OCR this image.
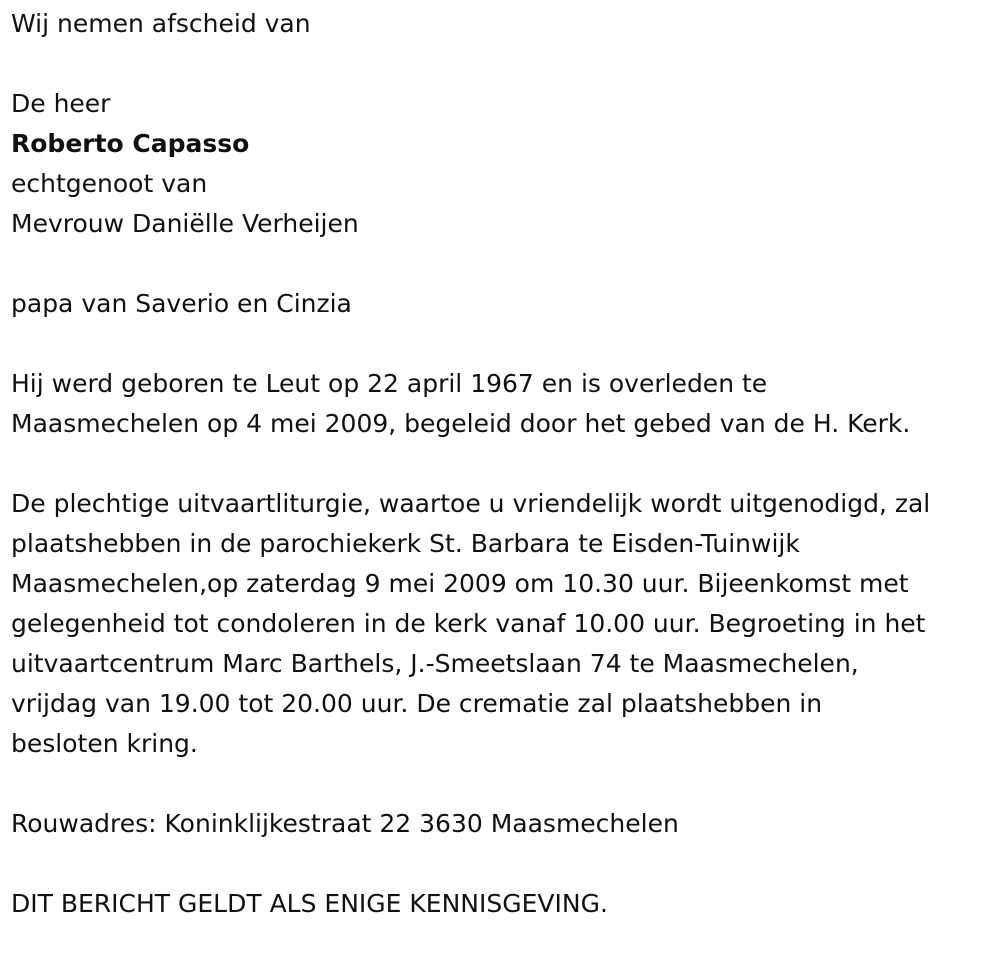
Wij nemen afscheid van

De heer

Roberto Capasso

echtgenoot van

Mevrouw Daniëlle Verheijen

papa van Saverio en Cinzia

Hij werd geboren te Leut op 22 april 1967 en is overleden te

Maasmechelen op 4 mei 2009, begeleid door het gebed van de H. Kerk.

De plechtige uitvaartliturgie, waartoe u vriendelijk wordt uitgenodigd, zal

plaatshebben in de parochiekerk St. Barbara te Eisden-Tuinwijk

Maasmechelen,op zaterdag 9 mei 2009 om 10.30 uur. Bijeenkomst met

gelegenheid tot condoleren in de kerk vanaf 10.00 uur. Begroeting in het

uitvaartcentrum Marc Barthels, J.-Smeetslaan 74 te Maasmechelen,

vrijdag van 19.00 tot 20.00 uur. De crematie zal plaatshebben in

besloten kring.

Rouwadres: Koninklijkestraat 22 3630 Maasmechelen

DIT BERICHT GELDT ALS ENIGE KENNISGEVING.
